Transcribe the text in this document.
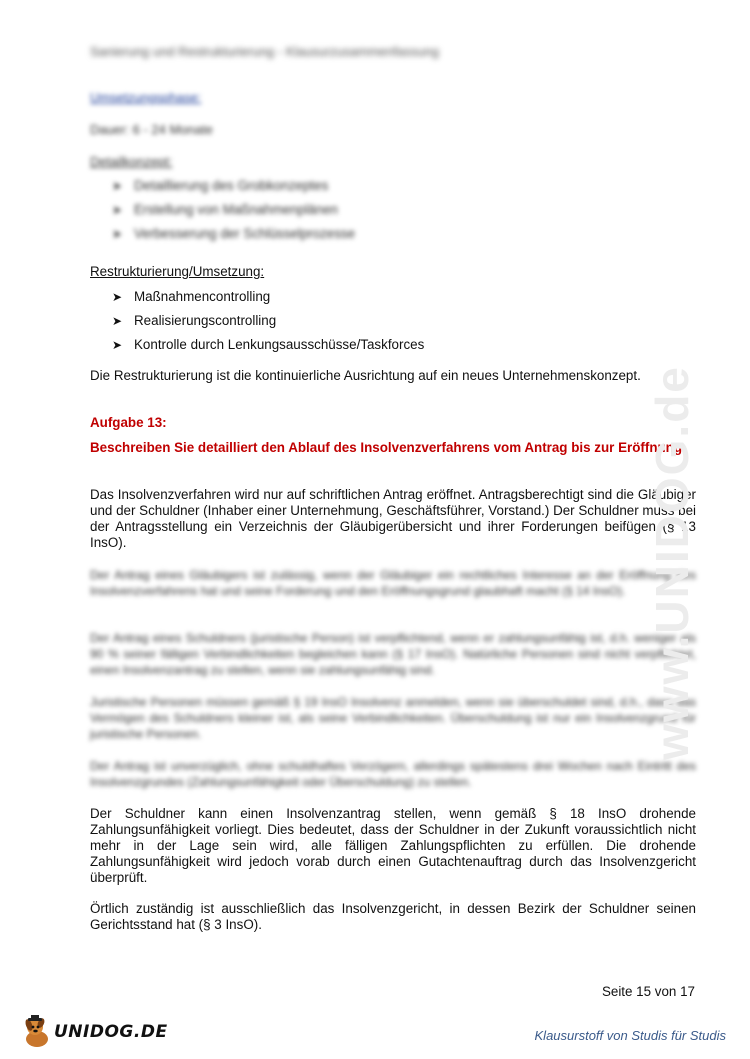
Sanierung und Restrukturierung - Klausurzusammenfassung
Umsetzungsphase:
Dauer: 6 - 24 Monate
Detailkonzept:
➤ Detaillierung des Grobkonzeptes
➤ Erstellung von Maßnahmenplänen
➤ Verbesserung der Schlüsselprozesse
Restrukturierung/Umsetzung:
➤ Maßnahmencontrolling
➤ Realisierungscontrolling
➤ Kontrolle durch Lenkungsausschüsse/Taskforces
Die Restrukturierung ist die kontinuierliche Ausrichtung auf ein neues Unternehmenskonzept.
Aufgabe 13:
Beschreiben Sie detailliert den Ablauf des Insolvenzverfahrens vom Antrag bis zur Eröffnung.
Das Insolvenzverfahren wird nur auf schriftlichen Antrag eröffnet. Antragsberechtigt sind die Gläubiger und der Schuldner (Inhaber einer Unternehmung, Geschäftsführer, Vorstand.) Der Schuldner muss bei der Antragsstellung ein Verzeichnis der Gläubigerübersicht und ihrer Forderungen beifügen (§ 13 InsO).
Der Antrag eines Gläubigers ist zulässig, wenn der Gläubiger ein rechtliches Interesse an der Eröffnung des Insolvenzverfahrens hat und seine Forderung und den Eröffnungsgrund glaubhaft macht (§ 14 InsO).
Der Antrag eines Schuldners (juristische Person) ist verpflichtend, wenn er zahlungsunfähig ist, d.h. weniger als 90 % seiner fälligen Verbindlichkeiten begleichen kann (§ 17 InsO). Natürliche Personen sind nicht verpflichtet, einen Insolvenzantrag zu stellen, wenn sie zahlungsunfähig sind.
Juristische Personen müssen gemäß § 19 InsO Insolvenz anmelden, wenn sie überschuldet sind, d.h., dass das Vermögen des Schuldners kleiner ist, als seine Verbindlichkeiten. Überschuldung ist nur ein Insolvenzgrund für juristische Personen.
Der Antrag ist unverzüglich, ohne schuldhaftes Verzögern, allerdings spätestens drei Wochen nach Eintritt des Insolvenzgrundes (Zahlungsunfähigkeit oder Überschuldung) zu stellen.
Der Schuldner kann einen Insolvenzantrag stellen, wenn gemäß § 18 InsO drohende Zahlungsunfähigkeit vorliegt. Dies bedeutet, dass der Schuldner in der Zukunft voraussichtlich nicht mehr in der Lage sein wird, alle fälligen Zahlungspflichten zu erfüllen. Die drohende Zahlungsunfähigkeit wird jedoch vorab durch einen Gutachtenauftrag durch das Insolvenzgericht überprüft.
Örtlich zuständig ist ausschließlich das Insolvenzgericht, in dessen Bezirk der Schuldner seinen Gerichtsstand hat (§ 3 InsO).
Seite 15 von 17
www.UNIDOG.de
UNIDOG.DE	Klausurstoff von Studis für Studis
